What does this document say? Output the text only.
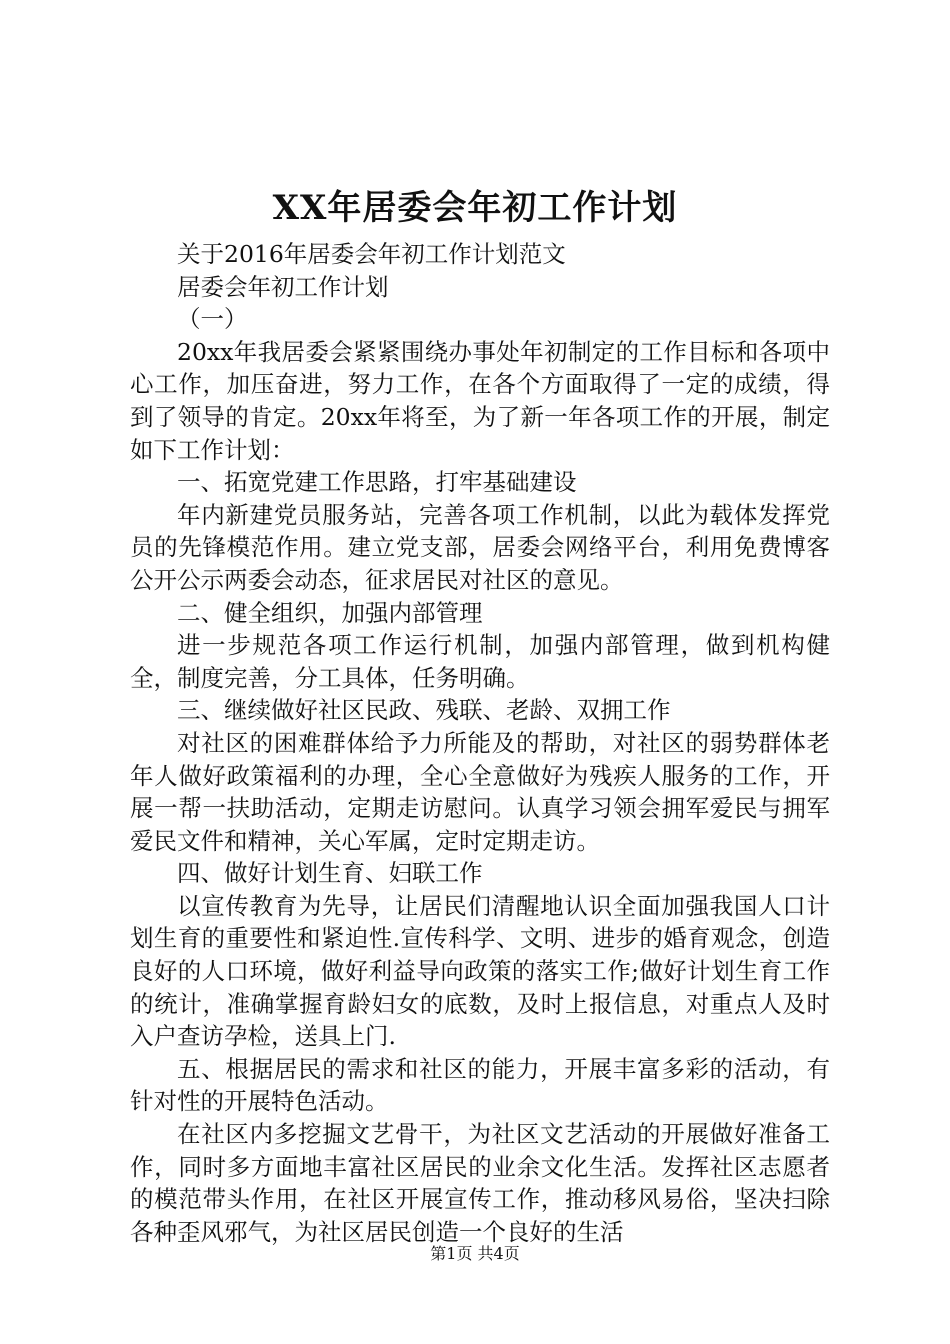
XX年居委会年初工作计划

关于2016年居委会年初工作计划范文

居委会年初工作计划

（一）

20xx年我居委会紧紧围绕办事处年初制定的工作目标和各项中心工作，加压奋进，努力工作，在各个方面取得了一定的成绩，得到了领导的肯定。20xx年将至，为了新一年各项工作的开展，制定如下工作计划：

一、拓宽党建工作思路，打牢基础建设

年内新建党员服务站，完善各项工作机制，以此为载体发挥党员的先锋模范作用。建立党支部，居委会网络平台，利用免费博客公开公示两委会动态，征求居民对社区的意见。

二、健全组织，加强内部管理

进一步规范各项工作运行机制，加强内部管理，做到机构健全，制度完善，分工具体，任务明确。

三、继续做好社区民政、残联、老龄、双拥工作

对社区的困难群体给予力所能及的帮助，对社区的弱势群体老年人做好政策福利的办理，全心全意做好为残疾人服务的工作，开展一帮一扶助活动，定期走访慰问。认真学习领会拥军爱民与拥军爱民文件和精神，关心军属，定时定期走访。

四、做好计划生育、妇联工作

以宣传教育为先导，让居民们清醒地认识全面加强我国人口计划生育的重要性和紧迫性.宣传科学、文明、进步的婚育观念，创造良好的人口环境，做好利益导向政策的落实工作;做好计划生育工作的统计，准确掌握育龄妇女的底数，及时上报信息，对重点人及时入户查访孕检，送具上门.

五、根据居民的需求和社区的能力，开展丰富多彩的活动，有针对性的开展特色活动。

在社区内多挖掘文艺骨干，为社区文艺活动的开展做好准备工作，同时多方面地丰富社区居民的业余文化生活。发挥社区志愿者的模范带头作用，在社区开展宣传工作，推动移风易俗，坚决扫除各种歪风邪气，为社区居民创造一个良好的生活

第1页 共4页
